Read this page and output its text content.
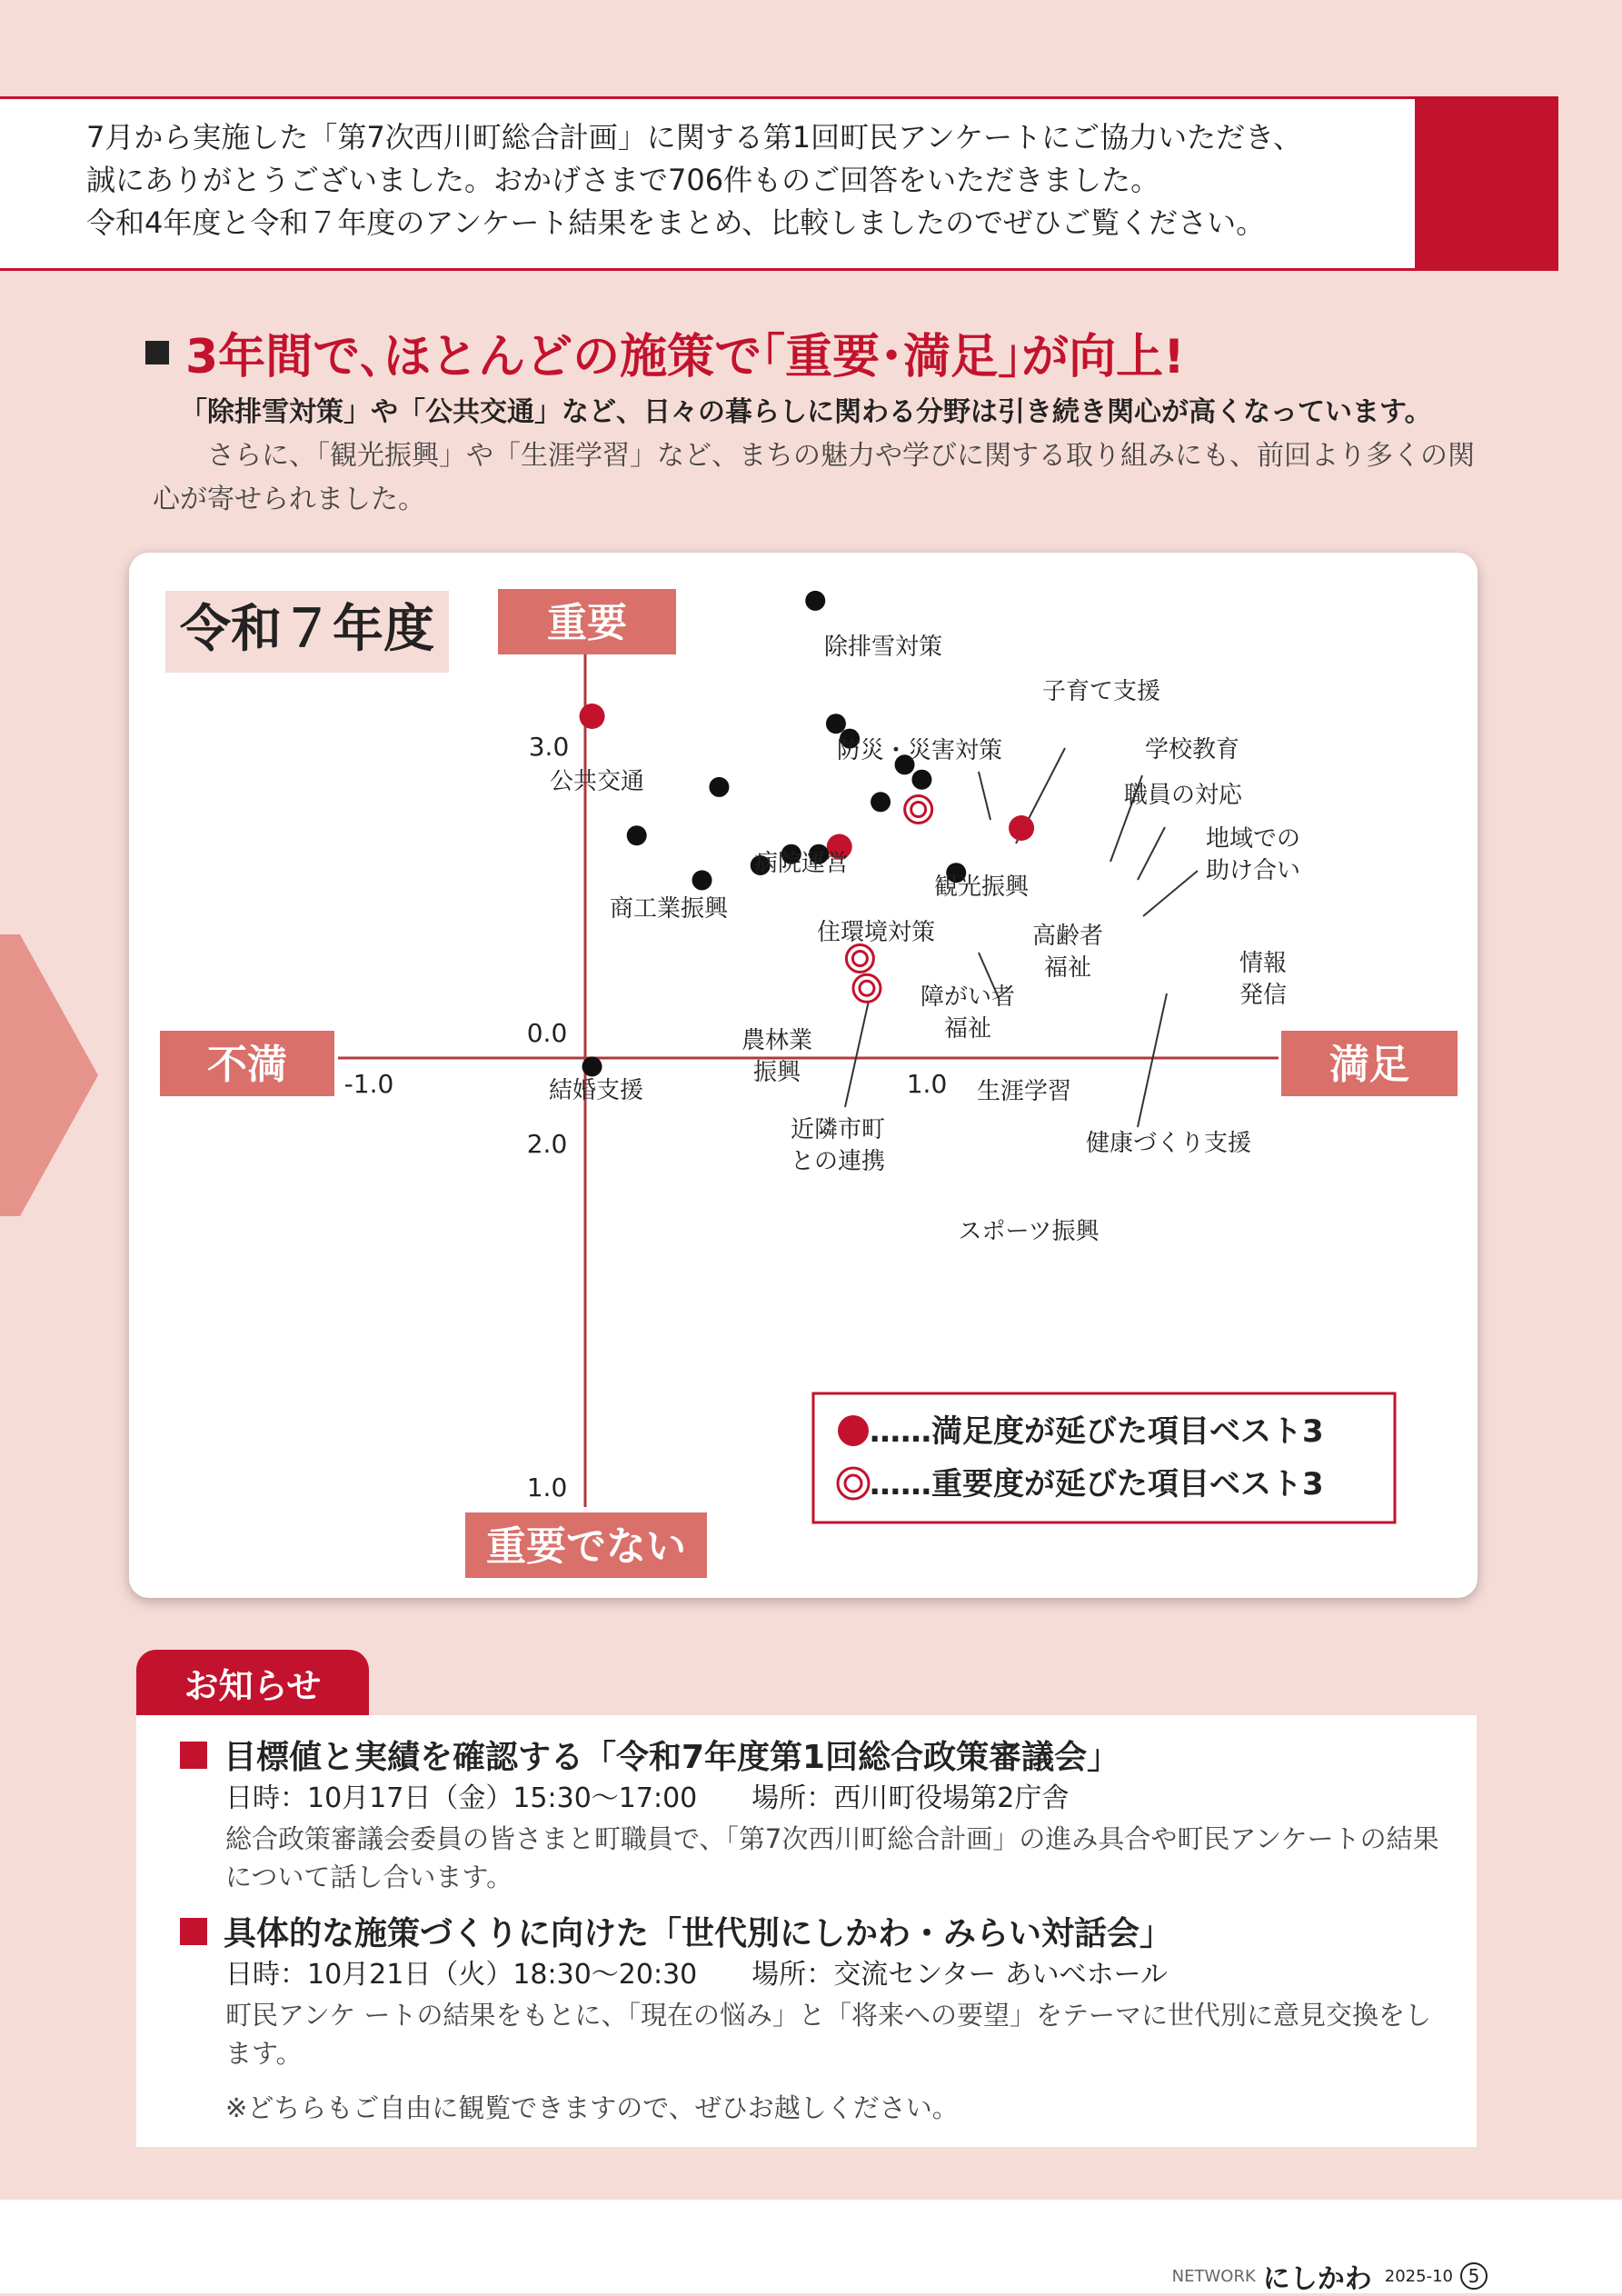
7月から実施した「第7次西川町総合計画」に関する第1回町民アンケートにご協力いただき、
誠にありがとうございました。おかげさまで706件ものご回答をいただきました。
令和4年度と令和７年度のアンケート結果をまとめ、比較しましたのでぜひご覧ください。
3年間で､ほとんどの施策で｢重要･満足｣が向上!
「除排雪対策」や「公共交通」など、日々の暮らしに関わる分野は引き続き関心が高くなっています。
　　さらに、「観光振興」や「生涯学習」など、まちの魅力や学びに関する取り組みにも、前回より多くの関心が寄せられました。
令和７年度	重要
重要でない
不満	満足
3.0
0.0
-1.0	1.0
2.0
1.0
除排雪対策
子育て支援
防災・災害対策	学校教育
職員の対応
地域での
助け合い
公共交通
病院運営
商工業振興
観光振興
高齢者
福祉
住環境対策
障がい者
福祉
情報
発信
農林業
振興
近隣市町
との連携
健康づくり支援
結婚支援	生涯学習
スポーツ振興
……満足度が延びた項目ベスト3
……重要度が延びた項目ベスト3
お知らせ
目標値と実績を確認する「令和7年度第1回総合政策審議会」
日時：10月17日（金）15:30〜17:00　　場所：西川町役場第2庁舎
総合政策審議会委員の皆さまと町職員で、「第7次西川町総合計画」の進み具合や町民アンケートの結果について話し合います。
具体的な施策づくりに向けた「世代別にしかわ・みらい対話会」
日時：10月21日（火）18:30〜20:30　　場所：交流センター あいべホール
町民アンケ ートの結果をもとに、「現在の悩み」と「将来への要望」をテーマに世代別に意見交換をします。
※どちらもご自由に観覧できますので、ぜひお越しください。
NETWORK にしかわ 2025-10 5
